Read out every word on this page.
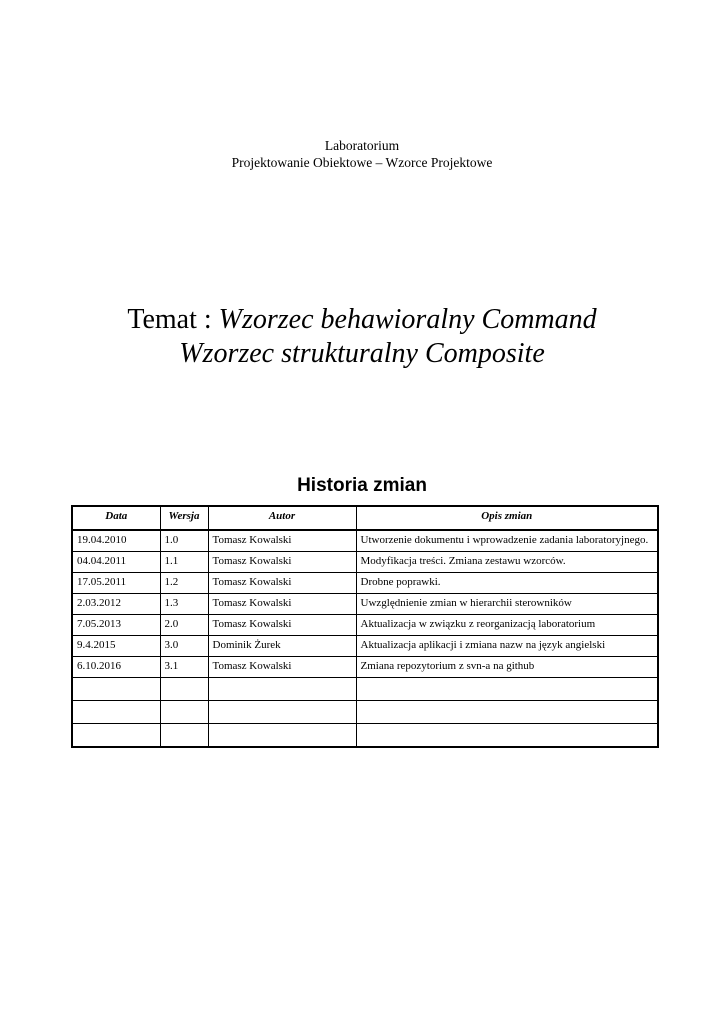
Laboratorium
Projektowanie Obiektowe – Wzorce Projektowe
Temat : Wzorzec behawioralny Command
Wzorzec strukturalny Composite
Historia zmian
Data	Wersja	Autor	Opis zmian
19.04.2010	1.0	Tomasz Kowalski	Utworzenie dokumentu i wprowadzenie zadania laboratoryjnego.
04.04.2011	1.1	Tomasz Kowalski	Modyfikacja treści. Zmiana zestawu wzorców.
17.05.2011	1.2	Tomasz Kowalski	Drobne poprawki.
2.03.2012	1.3	Tomasz Kowalski	Uwzględnienie zmian w hierarchii sterowników
7.05.2013	2.0	Tomasz Kowalski	Aktualizacja w związku z reorganizacją laboratorium
9.4.2015	3.0	Dominik Żurek	Aktualizacja aplikacji i zmiana nazw na język angielski
6.10.2016	3.1	Tomasz Kowalski	Zmiana repozytorium z svn-a na github
